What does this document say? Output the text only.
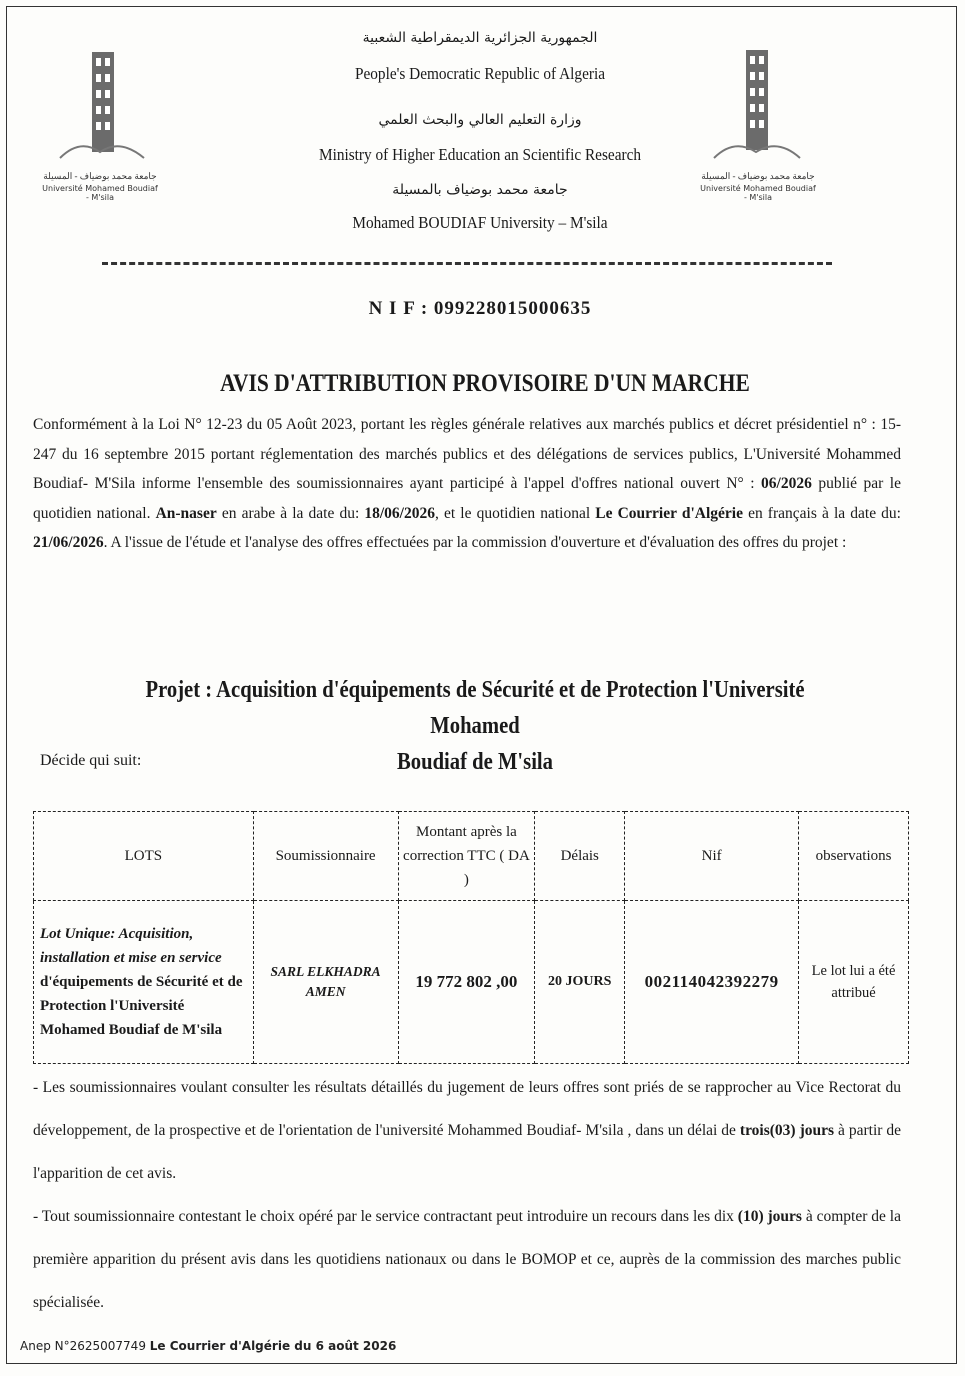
جامعة محمد بوضياف - المسيلة
Université Mohamed Boudiaf - M'sila
جامعة محمد بوضياف - المسيلة
Université Mohamed Boudiaf - M'sila
الجمهورية الجزائرية الديمقراطية الشعبية
People's Democratic Republic of Algeria
وزارة التعليم العالي والبحث العلمي
Ministry of Higher Education an Scientific Research
جامعة محمد بوضياف بالمسيلة
Mohamed BOUDIAF University – M'sila
N I F : 099228015000635
AVIS D'ATTRIBUTION PROVISOIRE D'UN MARCHE
Conformément à la Loi N° 12-23 du 05 Août 2023, portant les règles générale relatives aux marchés publics et décret présidentiel n° : 15-247 du 16 septembre 2015 portant réglementation des marchés publics et des délégations de services publics, L'Université Mohammed Boudiaf- M'Sila informe l'ensemble des soumissionnaires ayant participé à l'appel d'offres national ouvert N° : 06/2026 publié par le quotidien national. An-naser en arabe à la date du: 18/06/2026, et le quotidien national Le Courrier d'Algérie en français à la date du: 21/06/2026. A l'issue de l'étude et l'analyse des offres effectuées par la commission d'ouverture et d'évaluation des offres du projet :
Projet : Acquisition d'équipements de Sécurité et de Protection l'Université Mohamed
Boudiaf de M'sila
Décide qui suit:
LOTS	Soumissionnaire	Montant après la correction TTC ( DA )	Délais	Nif	observations
Lot Unique: Acquisition, installation et mise en service d'équipements de Sécurité et de Protection l'Université Mohamed Boudiaf de M'sila	SARL ELKHADRA AMEN	19 772 802 ,00	20 JOURS	002114042392279	Le lot lui a été attribué

- Les soumissionnaires voulant consulter les résultats détaillés du jugement de leurs offres sont priés de se rapprocher au Vice Rectorat du développement, de la prospective et de l'orientation de l'université Mohammed Boudiaf- M'sila , dans un délai de trois(03) jours à partir de l'apparition de cet avis.

- Tout soumissionnaire contestant le choix opéré par le service contractant peut introduire un recours dans les dix (10) jours à compter de la première apparition du présent avis dans les quotidiens nationaux ou dans le BOMOP et ce, auprès de la commission des marches public spécialisée.

Anep N°2625007749 Le Courrier d'Algérie du 6 août 2026
